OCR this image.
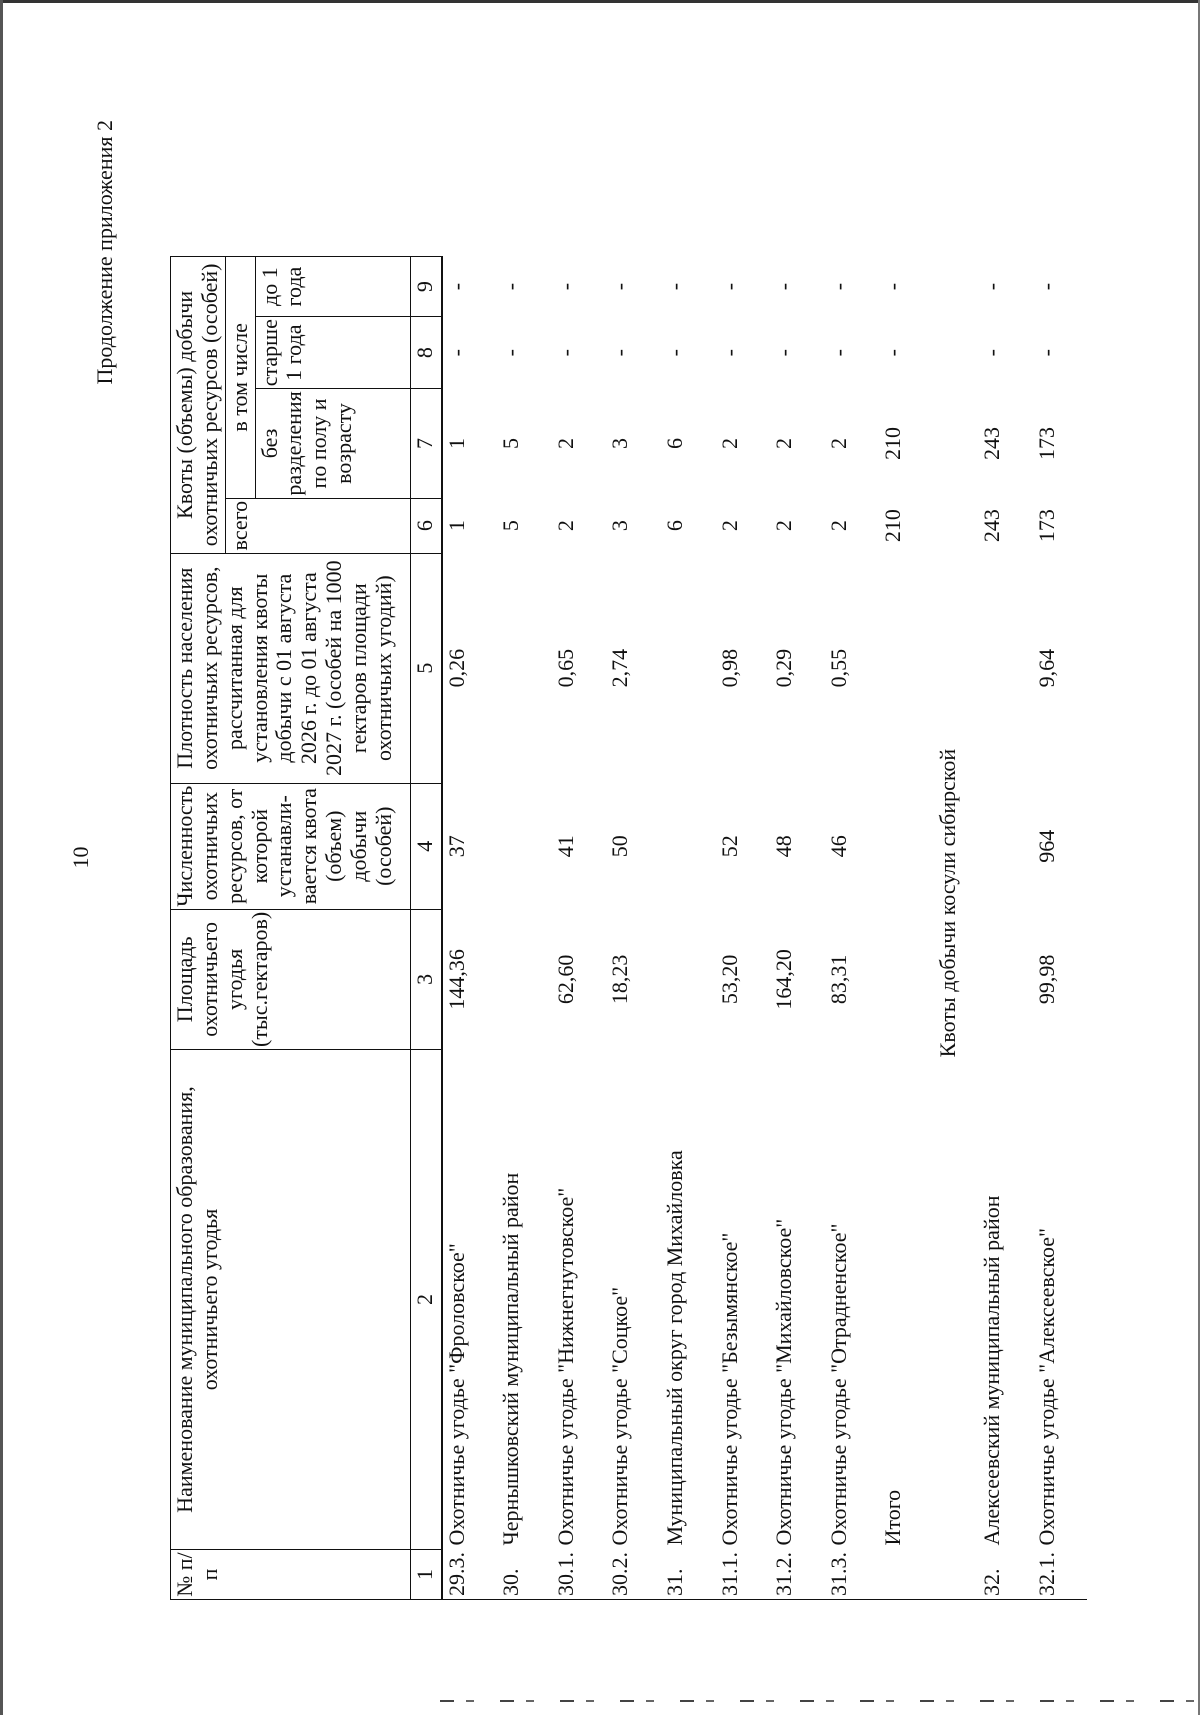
10
Продолжение приложения 2
№ п/п	Наименование муниципального образования, охотничьего угодья	Площадь охотничьего угодья (тыс.гектаров)	Численность охотничьих ресурсов, от которой устанавли-вается квота (объем) добычи (особей)	Плотность населения охотничьих ресурсов, рассчитанная для установления квоты добычи с 01 августа 2026 г. до 01 августа 2027 г. (особей на 1000 гектаров площади охотничьих угодий)	Квоты (объемы) добычи охотничьих ресурсов (особей)			
					всего	в том числе		
						без разделения по полу и возрасту	старше 1 года	до 1 года
1	2	3	4	5	6	7	8	9
29.3.	Охотничье угодье "Фроловское"	144,36	37	0,26	1	1	-	-
30.	Чернышковский муниципальный район				5	5	-	-
30.1.	Охотничье угодье "Нижнегнутовское"	62,60	41	0,65	2	2	-	-
30.2.	Охотничье угодье "Соцкое"	18,23	50	2,74	3	3	-	-
31.	Муниципальный округ город Михайловка				6	6	-	-
31.1.	Охотничье угодье "Безымянское"	53,20	52	0,98	2	2	-	-
31.2.	Охотничье угодье "Михайловское"	164,20	48	0,29	2	2	-	-
31.3.	Охотничье угодье "Отрадненское"	83,31	46	0,55	2	2	-	-
	Итого				210	210	-	-
	Квоты добычи косули сибирской							
32.	Алексеевский муниципальный район				243	243	-	-
32.1.	Охотничье угодье "Алексеевское"	99,98	964	9,64	173	173	-	-
